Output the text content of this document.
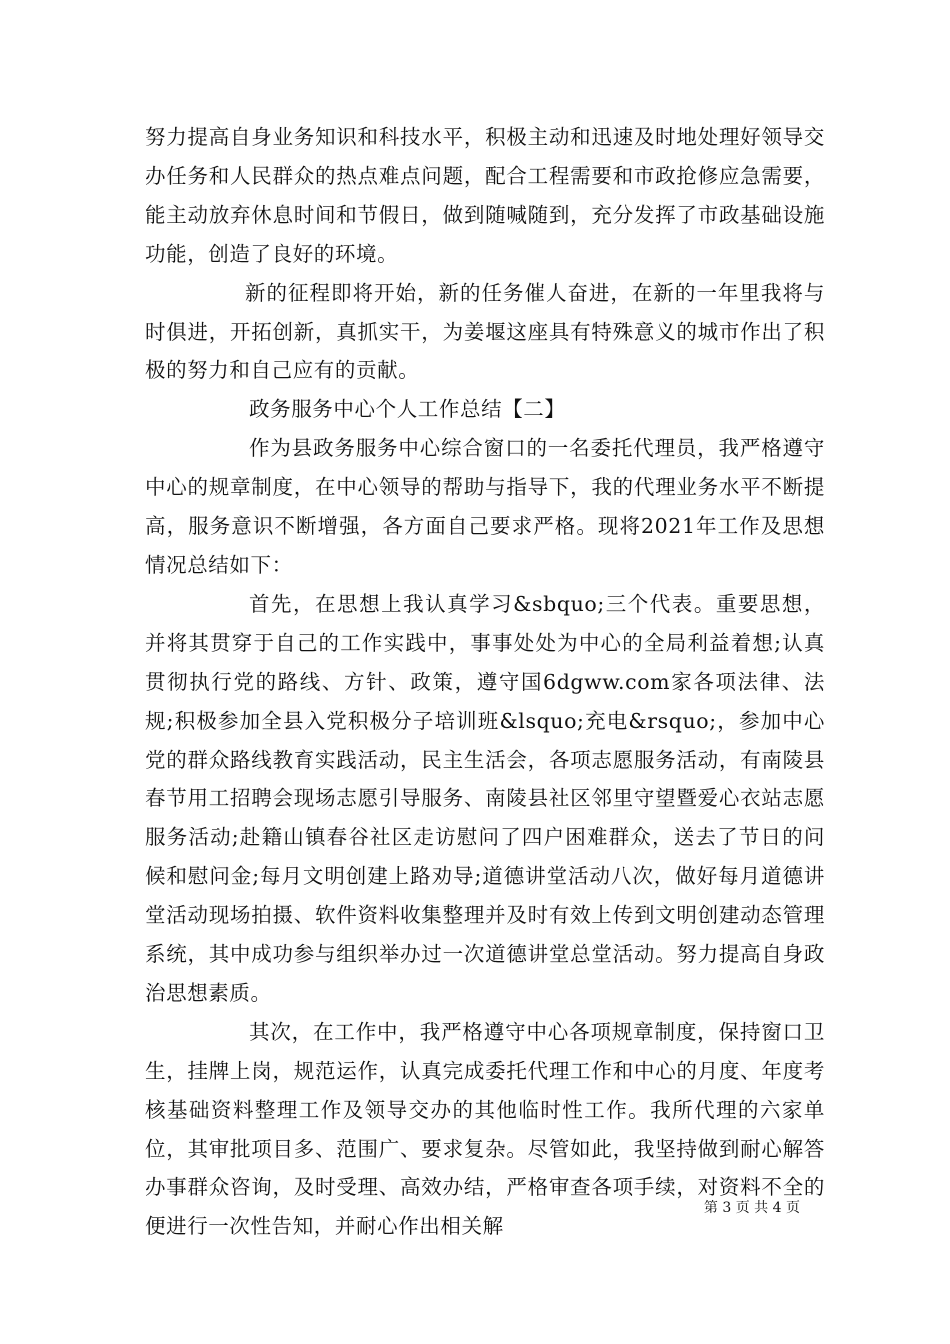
努力提高自身业务知识和科技水平，积极主动和迅速及时地处理好领导交办任务和人民群众的热点难点问题，配合工程需要和市政抢修应急需要，能主动放弃休息时间和节假日，做到随喊随到，充分发挥了市政基础设施功能，创造了良好的环境。

新的征程即将开始，新的任务催人奋进，在新的一年里我将与时俱进，开拓创新，真抓实干，为姜堰这座具有特殊意义的城市作出了积极的努力和自己应有的贡献。

政务服务中心个人工作总结【二】

作为县政务服务中心综合窗口的一名委托代理员，我严格遵守中心的规章制度，在中心领导的帮助与指导下，我的代理业务水平不断提高，服务意识不断增强，各方面自己要求严格。现将2021年工作及思想情况总结如下：

首先，在思想上我认真学习&sbquo;三个代表。重要思想，并将其贯穿于自己的工作实践中，事事处处为中心的全局利益着想;认真贯彻执行党的路线、方针、政策，遵守国6dgww.com家各项法律、法规;积极参加全县入党积极分子培训班&lsquo;充电&rsquo;，参加中心党的群众路线教育实践活动，民主生活会，各项志愿服务活动，有南陵县春节用工招聘会现场志愿引导服务、南陵县社区邻里守望暨爱心衣站志愿服务活动;赴籍山镇春谷社区走访慰问了四户困难群众，送去了节日的问候和慰问金;每月文明创建上路劝导;道德讲堂活动八次，做好每月道德讲堂活动现场拍摄、软件资料收集整理并及时有效上传到文明创建动态管理系统，其中成功参与组织举办过一次道德讲堂总堂活动。努力提高自身政治思想素质。

其次，在工作中，我严格遵守中心各项规章制度，保持窗口卫生，挂牌上岗，规范运作，认真完成委托代理工作和中心的月度、年度考核基础资料整理工作及领导交办的其他临时性工作。我所代理的六家单位，其审批项目多、范围广、要求复杂。尽管如此，我坚持做到耐心解答办事群众咨询，及时受理、高效办结，严格审查各项手续，对资料不全的便进行一次性告知，并耐心作出相关解

第 3 页 共 4 页
